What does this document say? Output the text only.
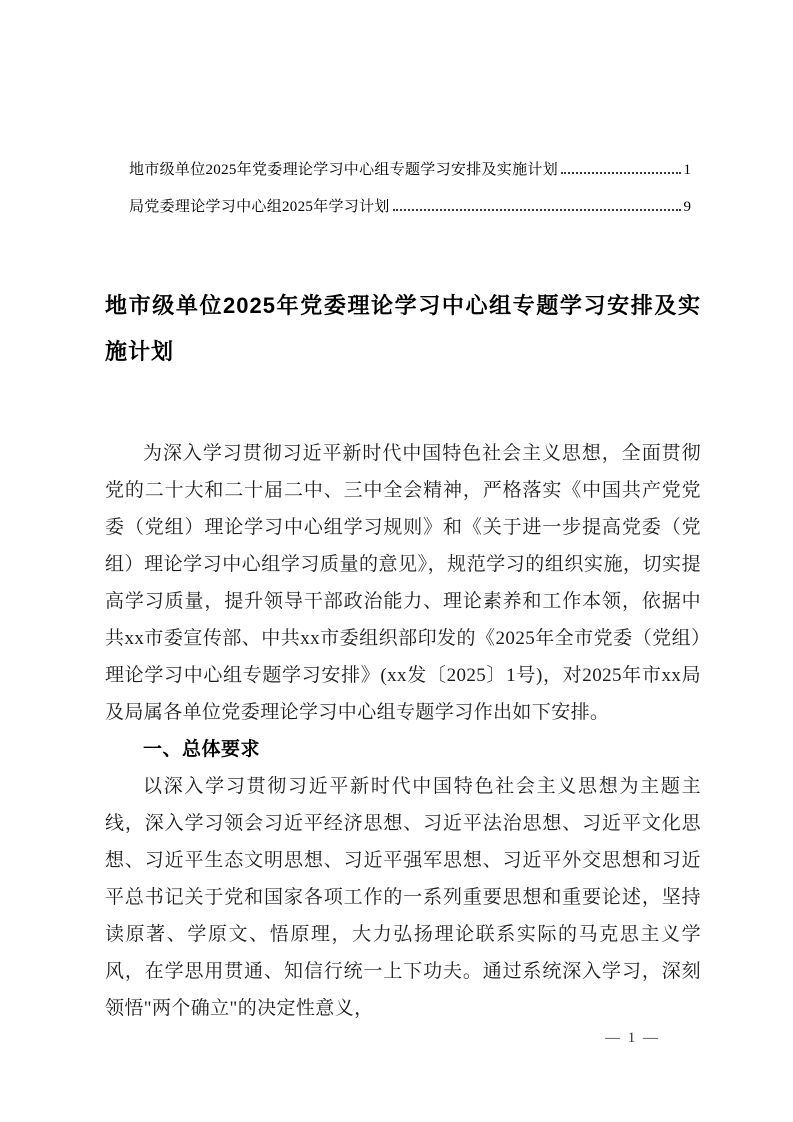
地市级单位2025年党委理论学习中心组专题学习安排及实施计划	1
局党委理论学习中心组2025年学习计划	9
地市级单位2025年党委理论学习中心组专题学习安排及实施计划

为深入学习贯彻习近平新时代中国特色社会主义思想，全面贯彻党的二十大和二十届二中、三中全会精神，严格落实《中国共产党党委（党组）理论学习中心组学习规则》和《关于进一步提高党委（党组）理论学习中心组学习质量的意见》，规范学习的组织实施，切实提高学习质量，提升领导干部政治能力、理论素养和工作本领，依据中共xx市委宣传部、中共xx市委组织部印发的《2025年全市党委（党组）理论学习中心组专题学习安排》(xx发〔2025〕1号)，对2025年市xx局及局属各单位党委理论学习中心组专题学习作出如下安排。

一、总体要求

以深入学习贯彻习近平新时代中国特色社会主义思想为主题主线，深入学习领会习近平经济思想、习近平法治思想、习近平文化思想、习近平生态文明思想、习近平强军思想、习近平外交思想和习近平总书记关于党和国家各项工作的一系列重要思想和重要论述，坚持读原著、学原文、悟原理，大力弘扬理论联系实际的马克思主义学风，在学思用贯通、知信行统一上下功夫。通过系统深入学习，深刻领悟"两个确立"的决定性意义，

— 1 —
